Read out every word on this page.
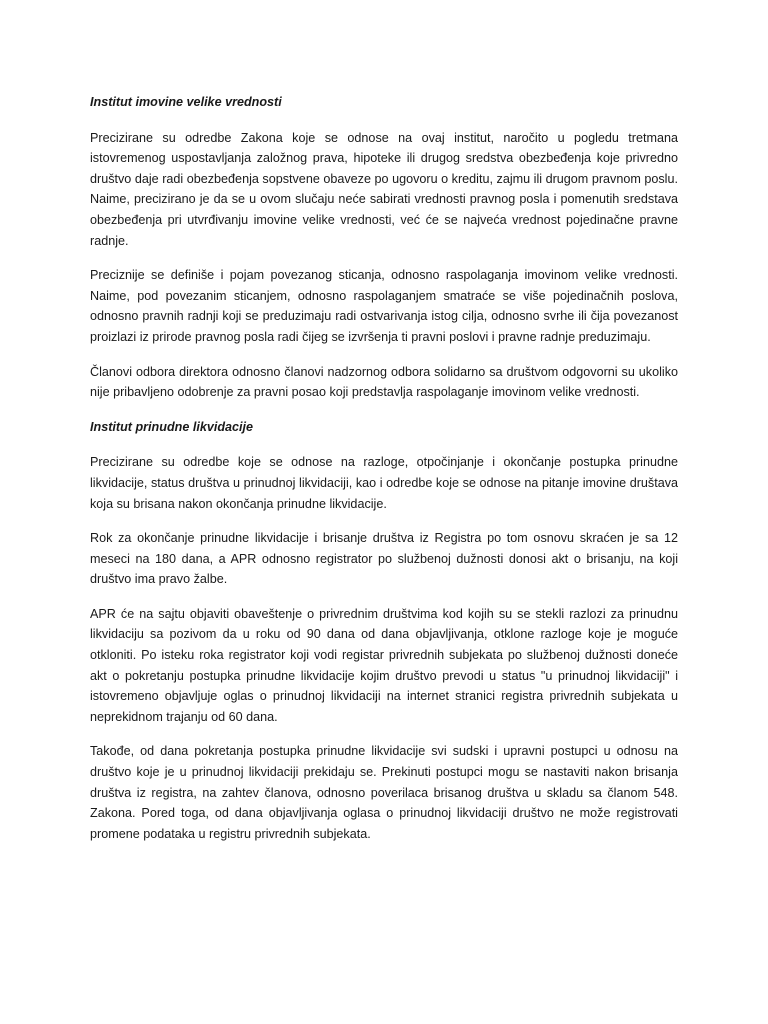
Institut imovine velike vrednosti

Precizirane su odredbe Zakona koje se odnose na ovaj institut, naročito u pogledu tretmana istovremenog uspostavljanja založnog prava, hipoteke ili drugog sredstva obezbeđenja koje privredno društvo daje radi obezbeđenja sopstvene obaveze po ugovoru o kreditu, zajmu ili drugom pravnom poslu. Naime, precizirano je da se u ovom slučaju neće sabirati vrednosti pravnog posla i pomenutih sredstava obezbeđenja pri utvrđivanju imovine velike vrednosti, već će se najveća vrednost pojedinačne pravne radnje.

Preciznije se definiše i pojam povezanog sticanja, odnosno raspolaganja imovinom velike vrednosti. Naime, pod povezanim sticanjem, odnosno raspolaganjem smatraće se više pojedinačnih poslova, odnosno pravnih radnji koji se preduzimaju radi ostvarivanja istog cilja, odnosno svrhe ili čija povezanost proizlazi iz prirode pravnog posla radi čijeg se izvršenja ti pravni poslovi i pravne radnje preduzimaju.

Članovi odbora direktora odnosno članovi nadzornog odbora solidarno sa društvom odgovorni su ukoliko nije pribavljeno odobrenje za pravni posao koji predstavlja raspolaganje imovinom velike vrednosti.

Institut prinudne likvidacije

Precizirane su odredbe koje se odnose na razloge, otpočinjanje i okončanje postupka prinudne likvidacije, status društva u prinudnoj likvidaciji, kao i odredbe koje se odnose na pitanje imovine društava koja su brisana nakon okončanja prinudne likvidacije.

Rok za okončanje prinudne likvidacije i brisanje društva iz Registra po tom osnovu skraćen je sa 12 meseci na 180 dana, a APR odnosno registrator po službenoj dužnosti donosi akt o brisanju, na koji društvo ima pravo žalbe.

APR će na sajtu objaviti obaveštenje o privrednim društvima kod kojih su se stekli razlozi za prinudnu likvidaciju sa pozivom da u roku od 90 dana od dana objavljivanja, otklone razloge koje je moguće otkloniti. Po isteku roka registrator koji vodi registar privrednih subjekata po službenoj dužnosti doneće akt o pokretanju postupka prinudne likvidacije kojim društvo prevodi u status "u prinudnoj likvidaciji" i istovremeno objavljuje oglas o prinudnoj likvidaciji na internet stranici registra privrednih subjekata u neprekidnom trajanju od 60 dana.

Takođe, od dana pokretanja postupka prinudne likvidacije svi sudski i upravni postupci u odnosu na društvo koje je u prinudnoj likvidaciji prekidaju se. Prekinuti postupci mogu se nastaviti nakon brisanja društva iz registra, na zahtev članova, odnosno poverilaca brisanog društva u skladu sa članom 548. Zakona. Pored toga, od dana objavljivanja oglasa o prinudnoj likvidaciji društvo ne može registrovati promene podataka u registru privrednih subjekata.
